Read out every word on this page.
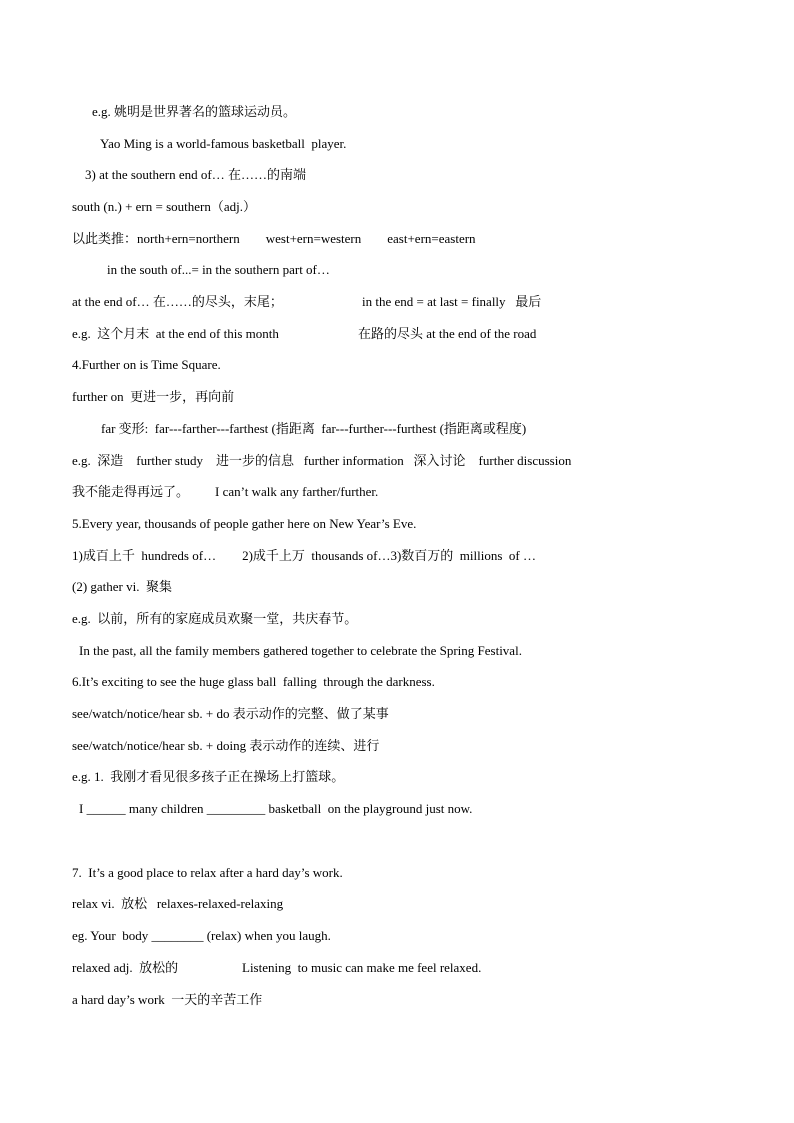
e.g. 姚明是世界著名的篮球运动员。
Yao Ming is a world-famous basketball  player.
3) at the southern end of… 在……的南端
south (n.) + ern = southern（adj.）
以此类推：north+ern=northern        west+ern=western        east+ern=eastern
in the south of...= in the southern part of…
at the end of… 在……的尽头，末尾；	in the end = at last = finally   最后
e.g.  这个月末  at the end of this month	在路的尽头 at the end of the road
4.Further on is Time Square.
further on  更进一步，再向前
far 变形:  far---farther---farthest (指距离  far---further---furthest (指距离或程度)
e.g.  深造    further study    进一步的信息   further information   深入讨论    further discussion
我不能走得再远了。        I can’t walk any farther/further.
5.Every year, thousands of people gather here on New Year’s Eve.
1)成百上千  hundreds of…        2)成千上万  thousands of…3)数百万的  millions  of …
(2) gather vi.  聚集
e.g.  以前，所有的家庭成员欢聚一堂，共庆春节。
In the past, all the family members gathered together to celebrate the Spring Festival.
6.It’s exciting to see the huge glass ball  falling  through the darkness.
see/watch/notice/hear sb. + do 表示动作的完整、做了某事
see/watch/notice/hear sb. + doing 表示动作的连续、进行
e.g. 1.  我刚才看见很多孩子正在操场上打篮球。
I ______ many children _________ basketball  on the playground just now.
7.  It’s a good place to relax after a hard day’s work.
relax vi.  放松   relaxes-relaxed-relaxing
eg. Your  body ________ (relax) when you laugh.
relaxed adj.  放松的	Listening  to music can make me feel relaxed.
a hard day’s work  一天的辛苦工作
